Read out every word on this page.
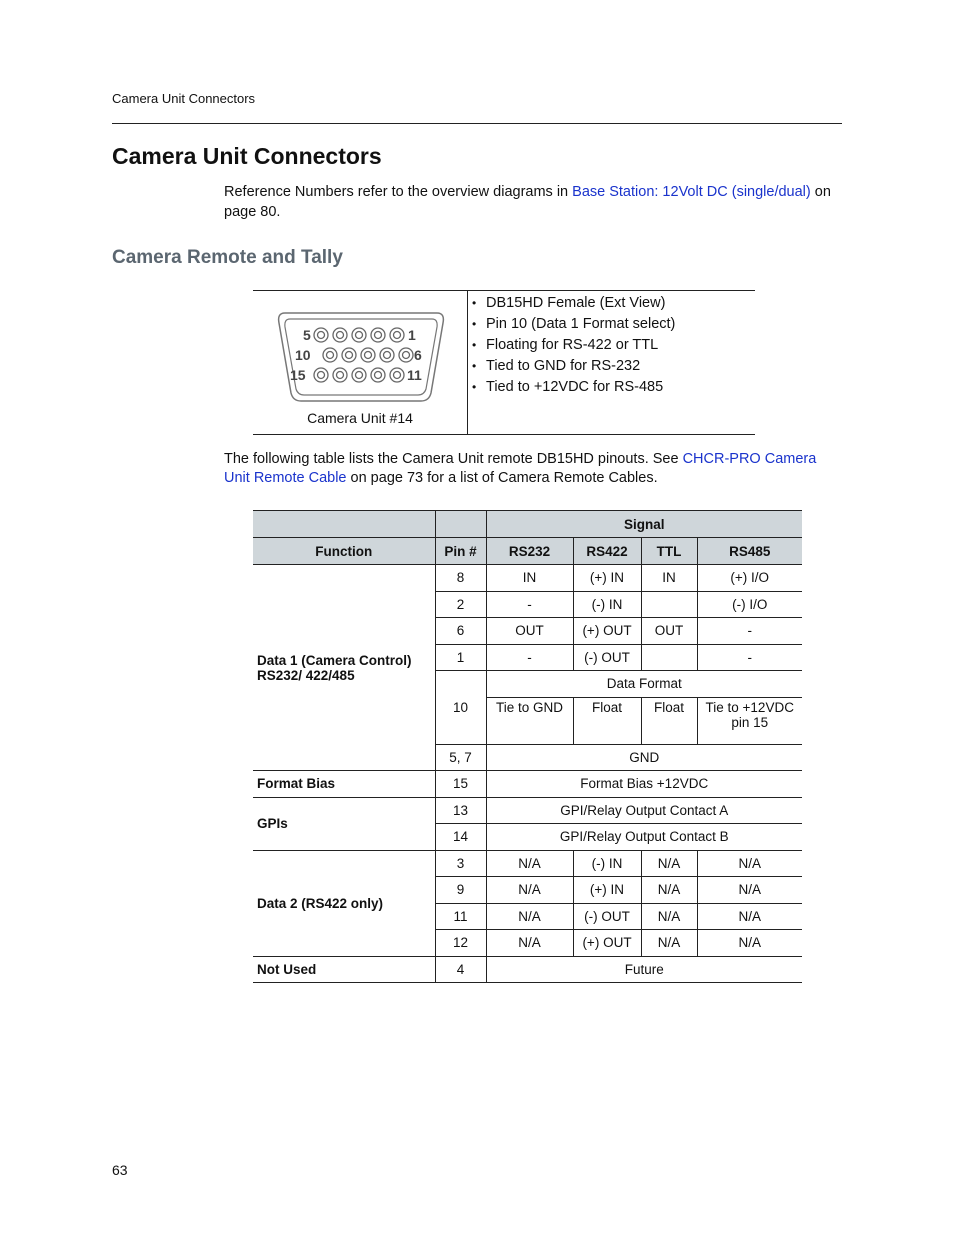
Camera Unit Connectors
Camera Unit Connectors
Reference Numbers refer to the overview diagrams in Base Station: 12Volt DC (single/dual) on page 80.
Camera Remote and Tally
5	1
10	6
15	11
Camera Unit #14

• DB15HD Female (Ext View)
• Pin 10 (Data 1 Format select)
• Floating for RS-422 or TTL
• Tied to GND for RS-232
• Tied to +12VDC for RS-485
The following table lists the Camera Unit remote DB15HD pinouts. See CHCR-PRO Camera Unit Remote Cable on page 73 for a list of Camera Remote Cables.
		Signal			
Function	Pin #	RS232	RS422	TTL	RS485
Data 1 (Camera Control)
RS232/ 422/485	8	IN	(+) IN	IN	(+) I/O
	2	-	(-) IN		(-) I/O
	6	OUT	(+) OUT	OUT	-
	1	-	(-) OUT		-
	10	Data Format			
		Tie to GND	Float	Float	Tie to +12VDC pin 15
	5, 7	GND			
Format Bias	15	Format Bias +12VDC			
GPIs	13	GPI/Relay Output Contact A			
	14	GPI/Relay Output Contact B			
Data 2 (RS422 only)	3	N/A	(-) IN	N/A	N/A
	9	N/A	(+) IN	N/A	N/A
	11	N/A	(-) OUT	N/A	N/A
	12	N/A	(+) OUT	N/A	N/A
Not Used	4	Future			
63
